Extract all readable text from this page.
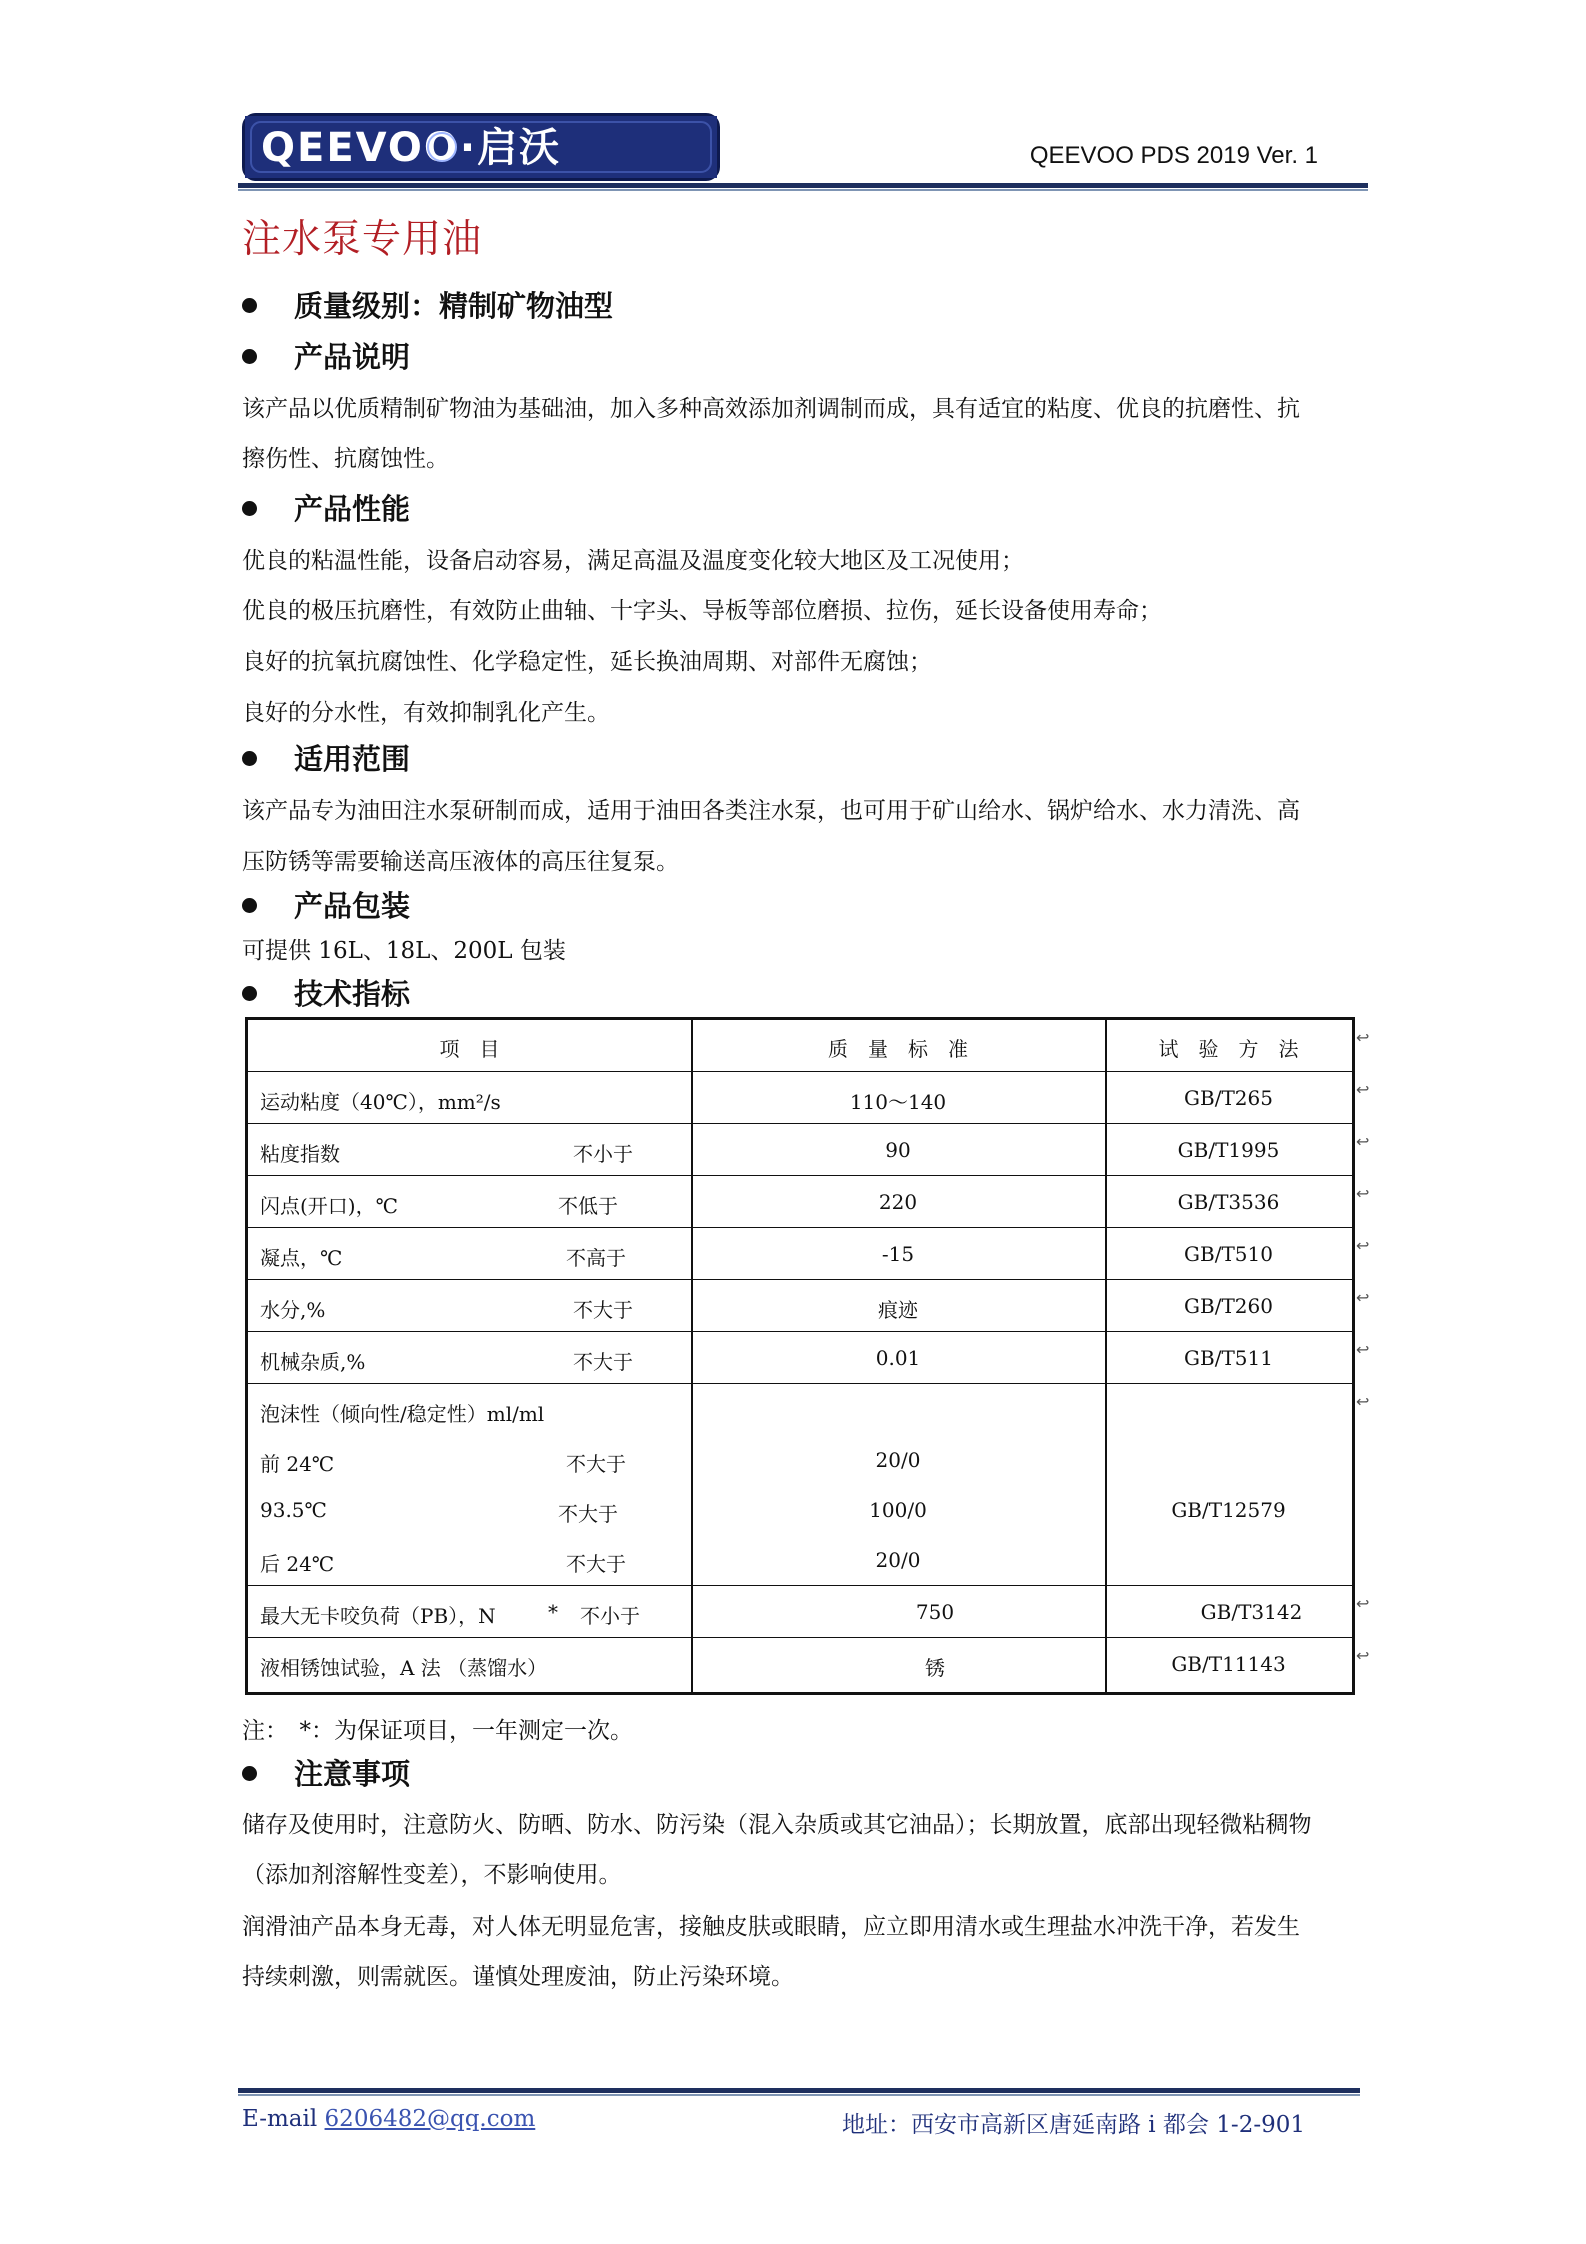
QEEVOO·启沃	QEEVOO PDS 2019 Ver. 1
注水泵专用油
质量级别：精制矿物油型
产品说明
该产品以优质精制矿物油为基础油，加入多种高效添加剂调制而成，具有适宜的粘度、优良的抗磨性、抗
擦伤性、抗腐蚀性。
产品性能
优良的粘温性能，设备启动容易，满足高温及温度变化较大地区及工况使用；
优良的极压抗磨性，有效防止曲轴、十字头、导板等部位磨损、拉伤，延长设备使用寿命；
良好的抗氧抗腐蚀性、化学稳定性，延长换油周期、对部件无腐蚀；
良好的分水性，有效抑制乳化产生。
适用范围
该产品专为油田注水泵研制而成，适用于油田各类注水泵，也可用于矿山给水、锅炉给水、水力清洗、高
压防锈等需要输送高压液体的高压往复泵。
产品包装
可提供 16L、18L、200L 包装
技术指标
项　目	质　量　标　准	试　验　方　法
运动粘度（40℃），mm²/s	110～140	GB/T265
粘度指数	不小于	90	GB/T1995
闪点(开口)，℃	不低于	220	GB/T3536
凝点，℃	不高于	-15	GB/T510
水分,%	不大于	痕迹	GB/T260
机械杂质,%	不大于	0.01	GB/T511
泡沫性（倾向性/稳定性）ml/ml
前 24℃	不大于	20/0
93.5℃	不大于	100/0	GB/T12579
后 24℃	不大于	20/0
最大无卡咬负荷（PB），N	* 不小于	750	GB/T3142
液相锈蚀试验，A 法 （蒸馏水）	锈	GB/T11143
↩
↩
↩
↩
↩
↩
↩
↩
↩
↩
注：　*：为保证项目，一年测定一次。
注意事项
储存及使用时，注意防火、防晒、防水、防污染（混入杂质或其它油品）；长期放置，底部出现轻微粘稠物
（添加剂溶解性变差），不影响使用。
润滑油产品本身无毒，对人体无明显危害，接触皮肤或眼睛，应立即用清水或生理盐水冲洗干净，若发生
持续刺激，则需就医。谨慎处理废油，防止污染环境。
E-mail 6206482@qq.com	地址：西安市高新区唐延南路 i 都会 1-2-901
